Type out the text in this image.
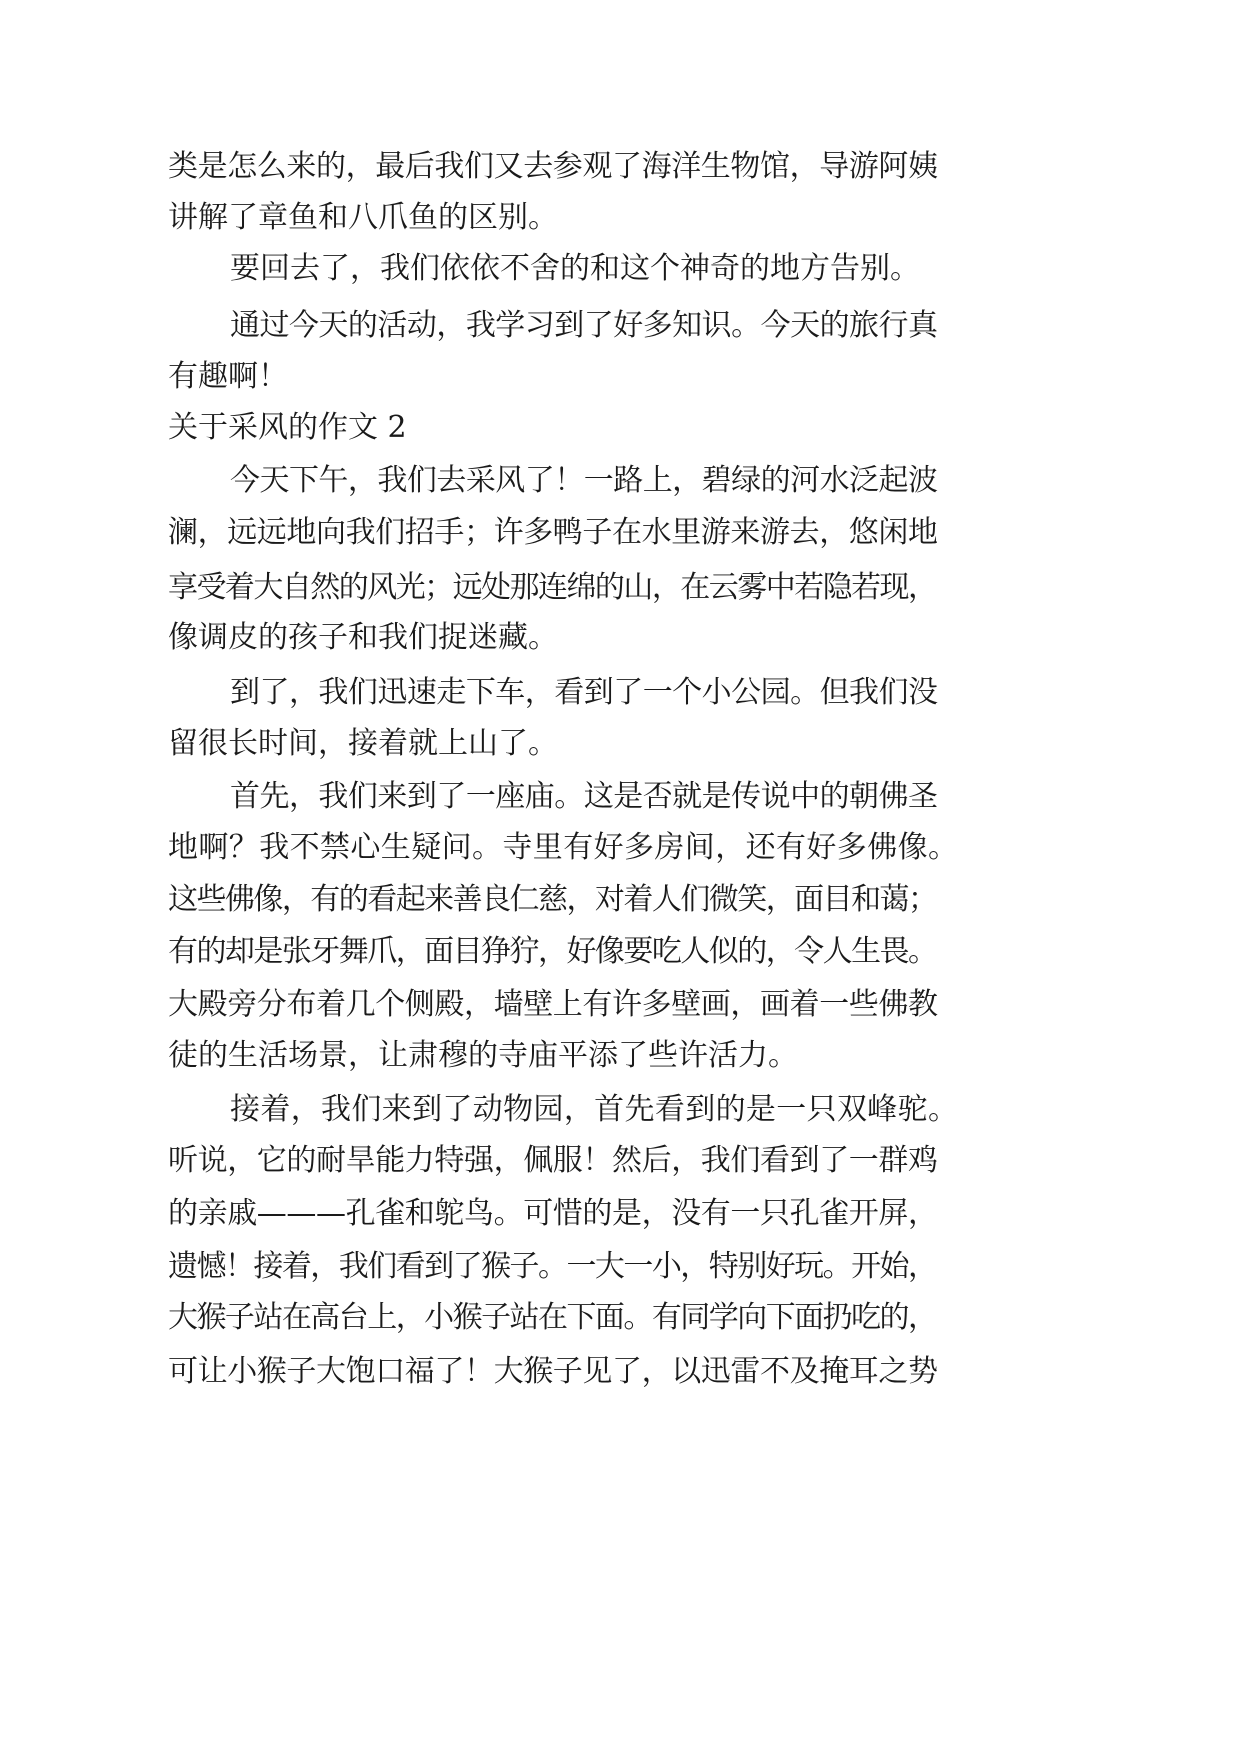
类是怎么来的，最后我们又去参观了海洋生物馆，导游阿姨
讲解了章鱼和八爪鱼的区别。
要回去了，我们依依不舍的和这个神奇的地方告别。
通过今天的活动，我学习到了好多知识。今天的旅行真
有趣啊！
关于采风的作文 2
今天下午，我们去采风了！一路上，碧绿的河水泛起波
澜，远远地向我们招手；许多鸭子在水里游来游去，悠闲地
享受着大自然的风光；远处那连绵的山，在云雾中若隐若现，
像调皮的孩子和我们捉迷藏。
到了，我们迅速走下车，看到了一个小公园。但我们没
留很长时间，接着就上山了。
首先，我们来到了一座庙。这是否就是传说中的朝佛圣
地啊？我不禁心生疑问。寺里有好多房间，还有好多佛像。
这些佛像，有的看起来善良仁慈，对着人们微笑，面目和蔼；
有的却是张牙舞爪，面目狰狞，好像要吃人似的，令人生畏。
大殿旁分布着几个侧殿，墙壁上有许多壁画，画着一些佛教
徒的生活场景，让肃穆的寺庙平添了些许活力。
接着，我们来到了动物园，首先看到的是一只双峰驼。
听说，它的耐旱能力特强，佩服！然后，我们看到了一群鸡
的亲戚———孔雀和鸵鸟。可惜的是，没有一只孔雀开屏，
遗憾！接着，我们看到了猴子。一大一小，特别好玩。开始，
大猴子站在高台上，小猴子站在下面。有同学向下面扔吃的，
可让小猴子大饱口福了！大猴子见了，以迅雷不及掩耳之势
